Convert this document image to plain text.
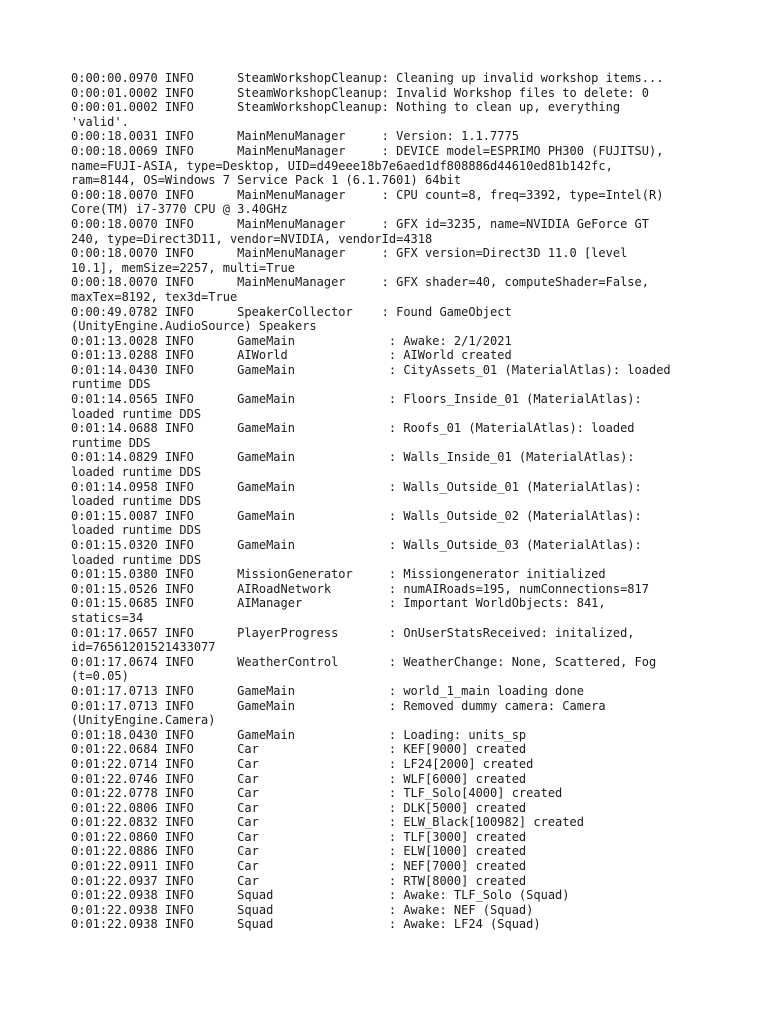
0:00:00.0970 INFO      SteamWorkshopCleanup: Cleaning up invalid workshop items...
0:00:01.0002 INFO      SteamWorkshopCleanup: Invalid Workshop files to delete: 0
0:00:01.0002 INFO      SteamWorkshopCleanup: Nothing to clean up, everything
'valid'.
0:00:18.0031 INFO      MainMenuManager     : Version: 1.1.7775
0:00:18.0069 INFO      MainMenuManager     : DEVICE model=ESPRIMO PH300 (FUJITSU),
name=FUJI-ASIA, type=Desktop, UID=d49eee18b7e6aed1df808886d44610ed81b142fc,
ram=8144, OS=Windows 7 Service Pack 1 (6.1.7601) 64bit
0:00:18.0070 INFO      MainMenuManager     : CPU count=8, freq=3392, type=Intel(R)
Core(TM) i7-3770 CPU @ 3.40GHz
0:00:18.0070 INFO      MainMenuManager     : GFX id=3235, name=NVIDIA GeForce GT
240, type=Direct3D11, vendor=NVIDIA, vendorId=4318
0:00:18.0070 INFO      MainMenuManager     : GFX version=Direct3D 11.0 [level
10.1], memSize=2257, multi=True
0:00:18.0070 INFO      MainMenuManager     : GFX shader=40, computeShader=False,
maxTex=8192, tex3d=True
0:00:49.0782 INFO      SpeakerCollector    : Found GameObject
(UnityEngine.AudioSource) Speakers
0:01:13.0028 INFO      GameMain             : Awake: 2/1/2021
0:01:13.0288 INFO      AIWorld              : AIWorld created
0:01:14.0430 INFO      GameMain             : CityAssets_01 (MaterialAtlas): loaded
runtime DDS
0:01:14.0565 INFO      GameMain             : Floors_Inside_01 (MaterialAtlas):
loaded runtime DDS
0:01:14.0688 INFO      GameMain             : Roofs_01 (MaterialAtlas): loaded
runtime DDS
0:01:14.0829 INFO      GameMain             : Walls_Inside_01 (MaterialAtlas):
loaded runtime DDS
0:01:14.0958 INFO      GameMain             : Walls_Outside_01 (MaterialAtlas):
loaded runtime DDS
0:01:15.0087 INFO      GameMain             : Walls_Outside_02 (MaterialAtlas):
loaded runtime DDS
0:01:15.0320 INFO      GameMain             : Walls_Outside_03 (MaterialAtlas):
loaded runtime DDS
0:01:15.0380 INFO      MissionGenerator     : Missiongenerator initialized
0:01:15.0526 INFO      AIRoadNetwork        : numAIRoads=195, numConnections=817
0:01:15.0685 INFO      AIManager            : Important WorldObjects: 841,
statics=34
0:01:17.0657 INFO      PlayerProgress       : OnUserStatsReceived: initalized,
id=76561201521433077
0:01:17.0674 INFO      WeatherControl       : WeatherChange: None, Scattered, Fog
(t=0.05)
0:01:17.0713 INFO      GameMain             : world_1_main loading done
0:01:17.0713 INFO      GameMain             : Removed dummy camera: Camera
(UnityEngine.Camera)
0:01:18.0430 INFO      GameMain             : Loading: units_sp
0:01:22.0684 INFO      Car                  : KEF[9000] created
0:01:22.0714 INFO      Car                  : LF24[2000] created
0:01:22.0746 INFO      Car                  : WLF[6000] created
0:01:22.0778 INFO      Car                  : TLF_Solo[4000] created
0:01:22.0806 INFO      Car                  : DLK[5000] created
0:01:22.0832 INFO      Car                  : ELW_Black[100982] created
0:01:22.0860 INFO      Car                  : TLF[3000] created
0:01:22.0886 INFO      Car                  : ELW[1000] created
0:01:22.0911 INFO      Car                  : NEF[7000] created
0:01:22.0937 INFO      Car                  : RTW[8000] created
0:01:22.0938 INFO      Squad                : Awake: TLF_Solo (Squad)
0:01:22.0938 INFO      Squad                : Awake: NEF (Squad)
0:01:22.0938 INFO      Squad                : Awake: LF24 (Squad)
